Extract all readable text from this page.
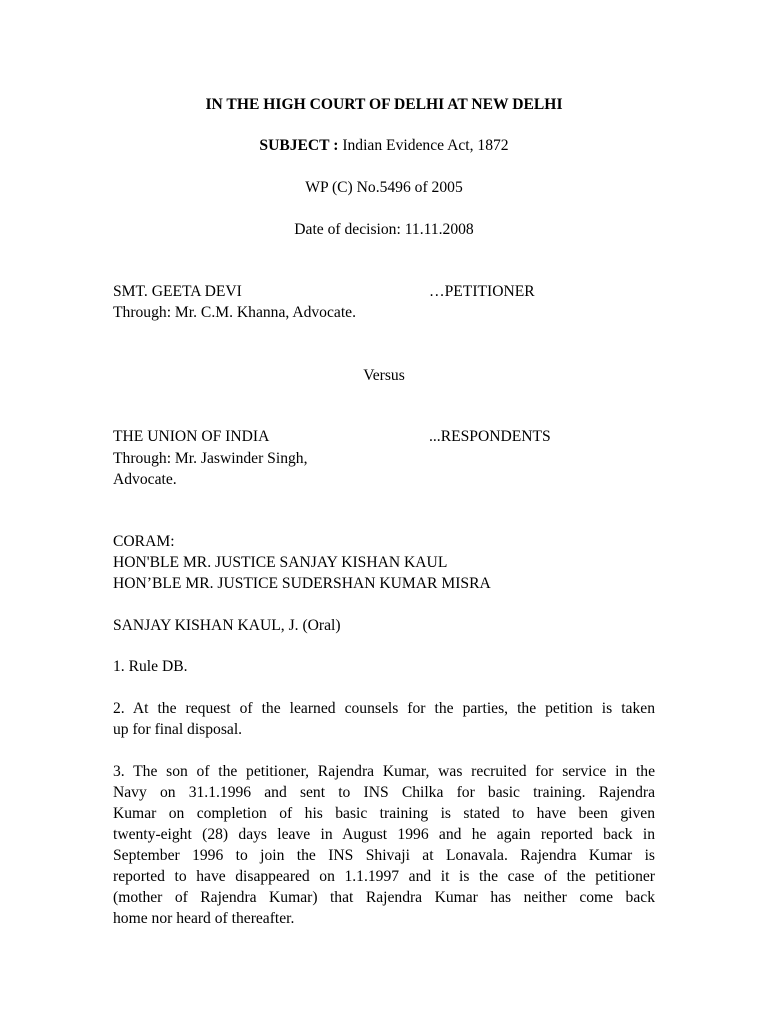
IN THE HIGH COURT OF DELHI AT NEW DELHI
SUBJECT : Indian Evidence Act, 1872
WP (C) No.5496 of 2005
Date of decision: 11.11.2008
SMT. GEETA DEVI	…PETITIONER
Through: Mr. C.M. Khanna, Advocate.
Versus
THE UNION OF INDIA	...RESPONDENTS
Through: Mr. Jaswinder Singh,
Advocate.
CORAM:
HON'BLE MR. JUSTICE SANJAY KISHAN KAUL
HON’BLE MR. JUSTICE SUDERSHAN KUMAR MISRA
SANJAY KISHAN KAUL, J. (Oral)
1. Rule DB.
2. At the request of the learned counsels for the parties, the petition is taken
up for final disposal.
3. The son of the petitioner, Rajendra Kumar, was recruited for service in the
Navy on 31.1.1996 and sent to INS Chilka for basic training. Rajendra
Kumar on completion of his basic training is stated to have been given
twenty-eight (28) days leave in August 1996 and he again reported back in
September 1996 to join the INS Shivaji at Lonavala. Rajendra Kumar is
reported to have disappeared on 1.1.1997 and it is the case of the petitioner
(mother of Rajendra Kumar) that Rajendra Kumar has neither come back
home nor heard of thereafter.
